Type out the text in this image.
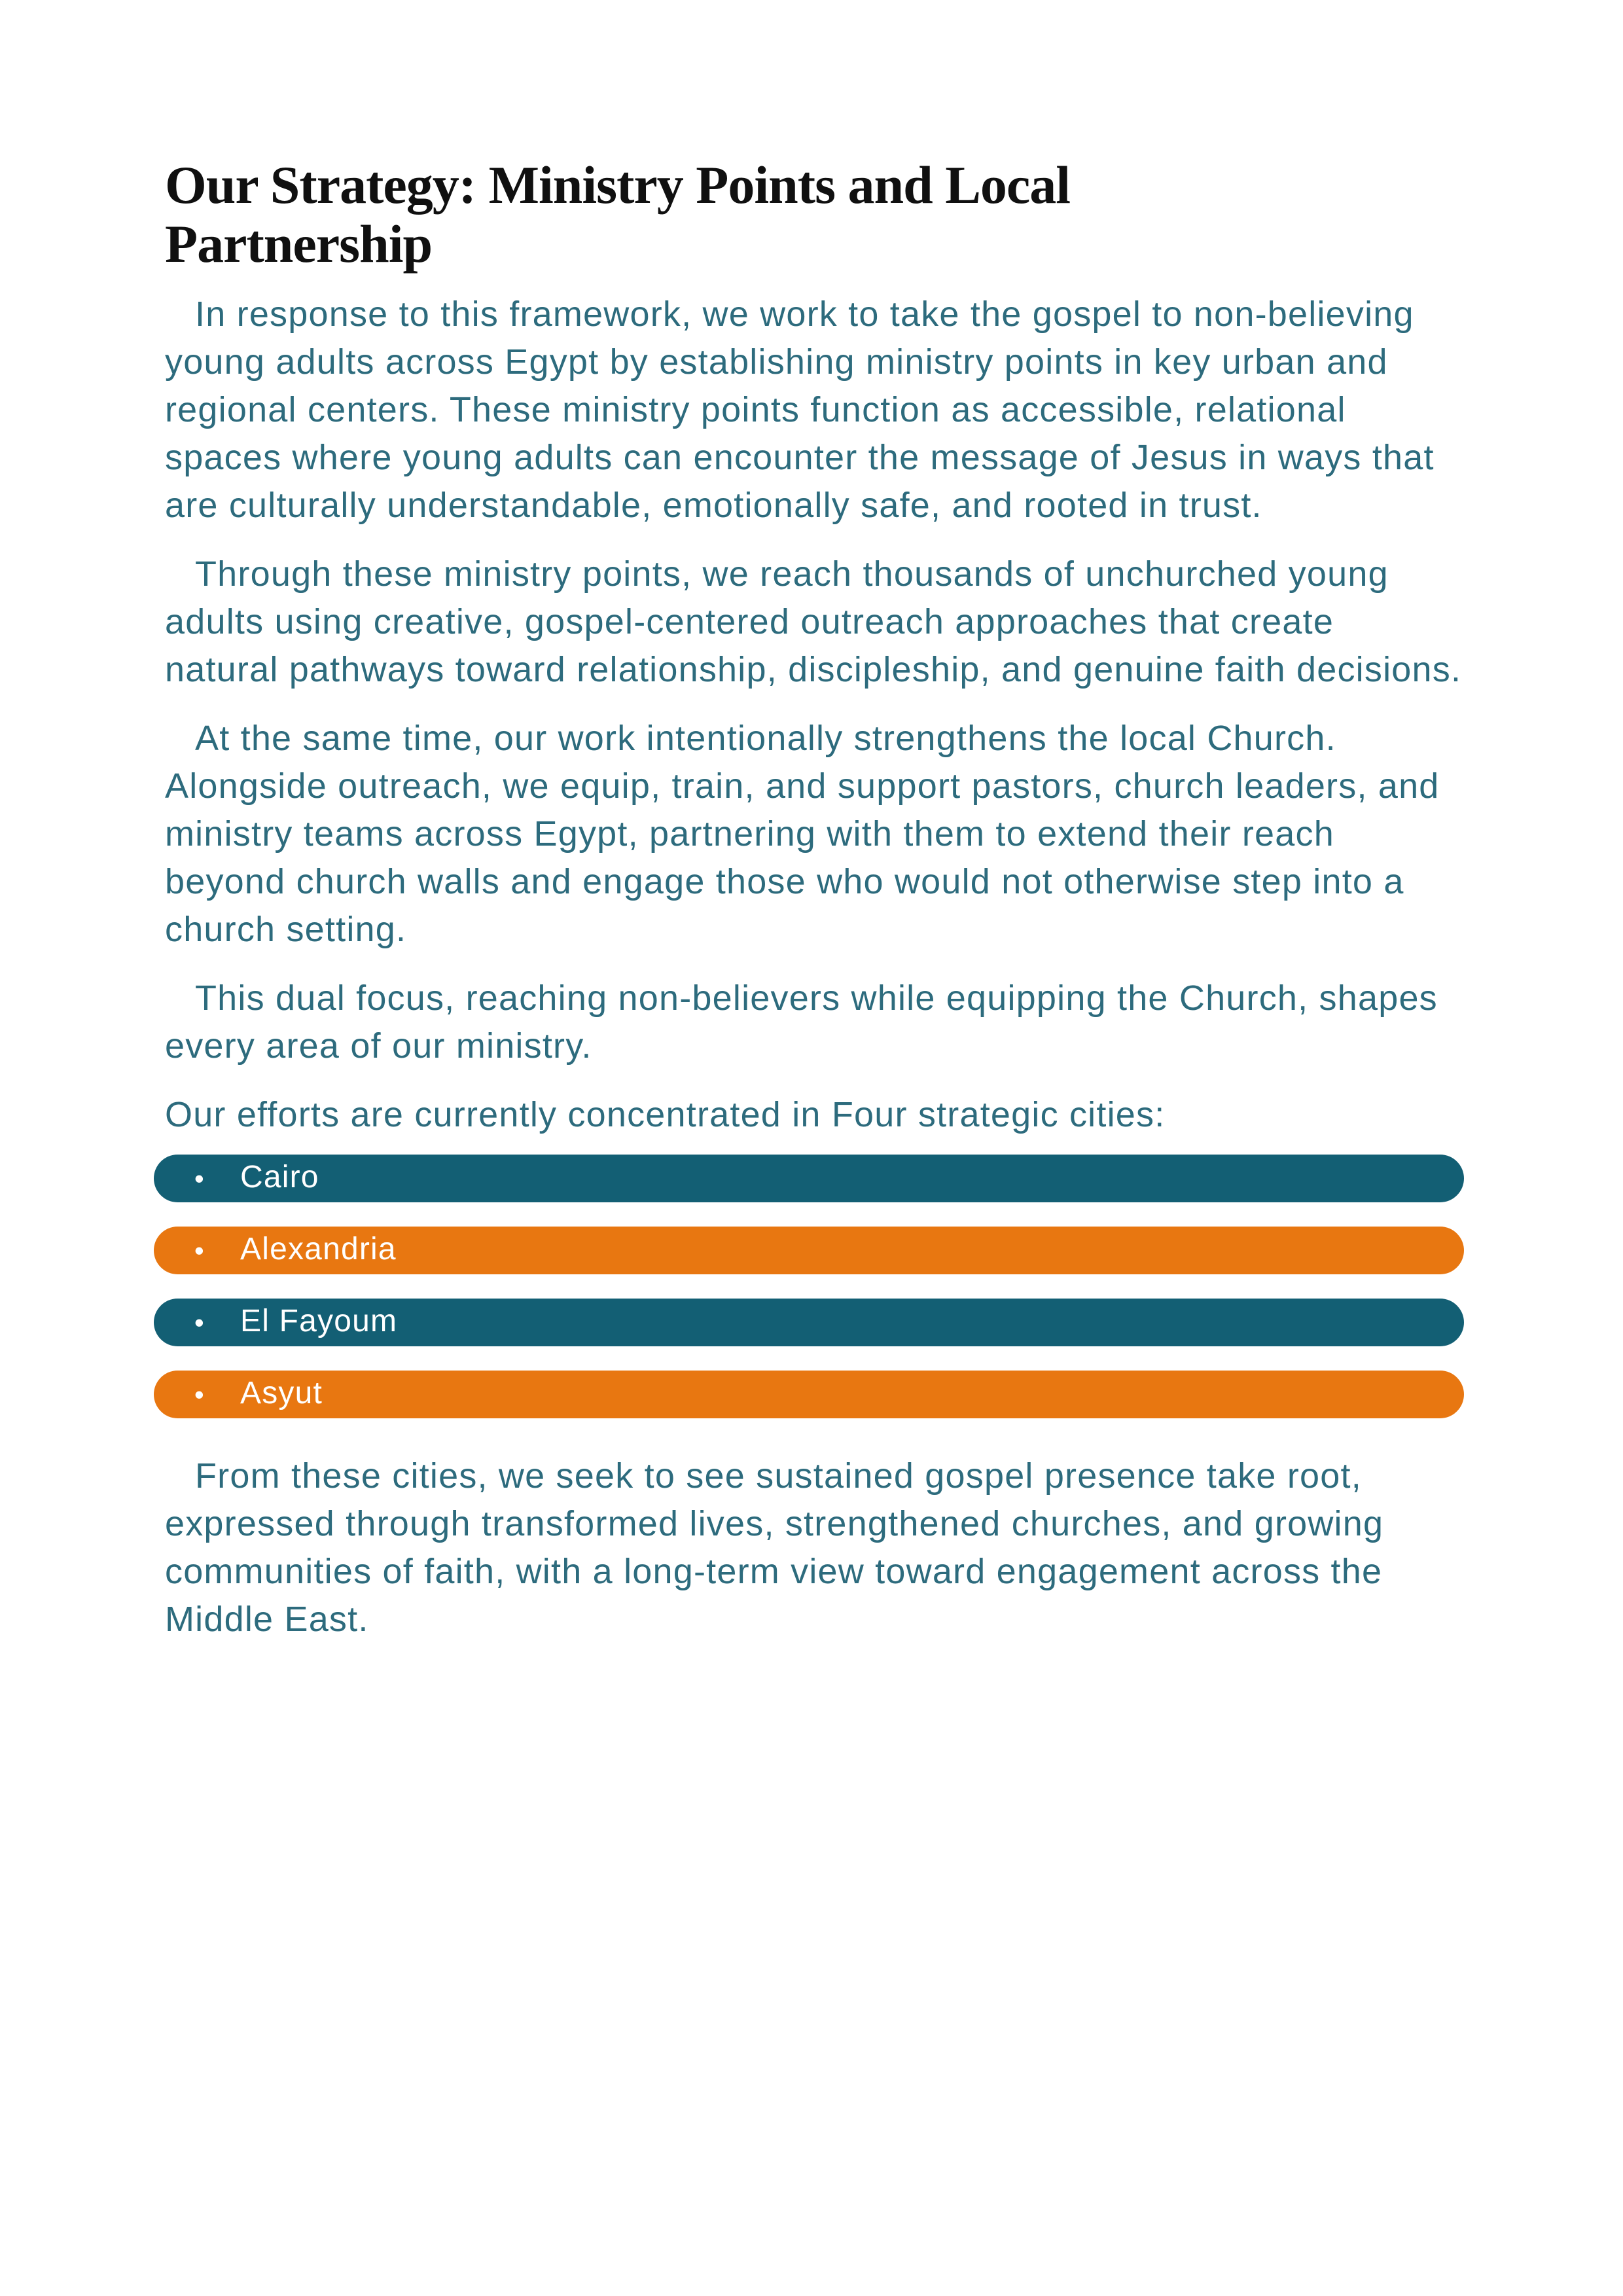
Our Strategy: Ministry Points and Local
Partnership
In response to this framework, we work to take the gospel to non-believing young adults across Egypt by establishing ministry points in key urban and regional centers. These ministry points function as accessible, relational spaces where young adults can encounter the message of Jesus in ways that are culturally understandable, emotionally safe, and rooted in trust.
Through these ministry points, we reach thousands of unchurched young adults using creative, gospel-centered outreach approaches that create
natural pathways toward relationship, discipleship, and genuine faith decisions.
At the same time, our work intentionally strengthens the local Church. Alongside outreach, we equip, train, and support pastors, church leaders, and ministry teams across Egypt, partnering with them to extend their reach beyond church walls and engage those who would not otherwise step into a church setting.
This dual focus, reaching non-believers while equipping the Church, shapes every area of our ministry.
Our efforts are currently concentrated in Four strategic cities:
•	Cairo
•	Alexandria
•	El Fayoum
•	Asyut
From these cities, we seek to see sustained gospel presence take root, expressed through transformed lives, strengthened churches, and growing communities of faith, with a long-term view toward engagement across the Middle East.
